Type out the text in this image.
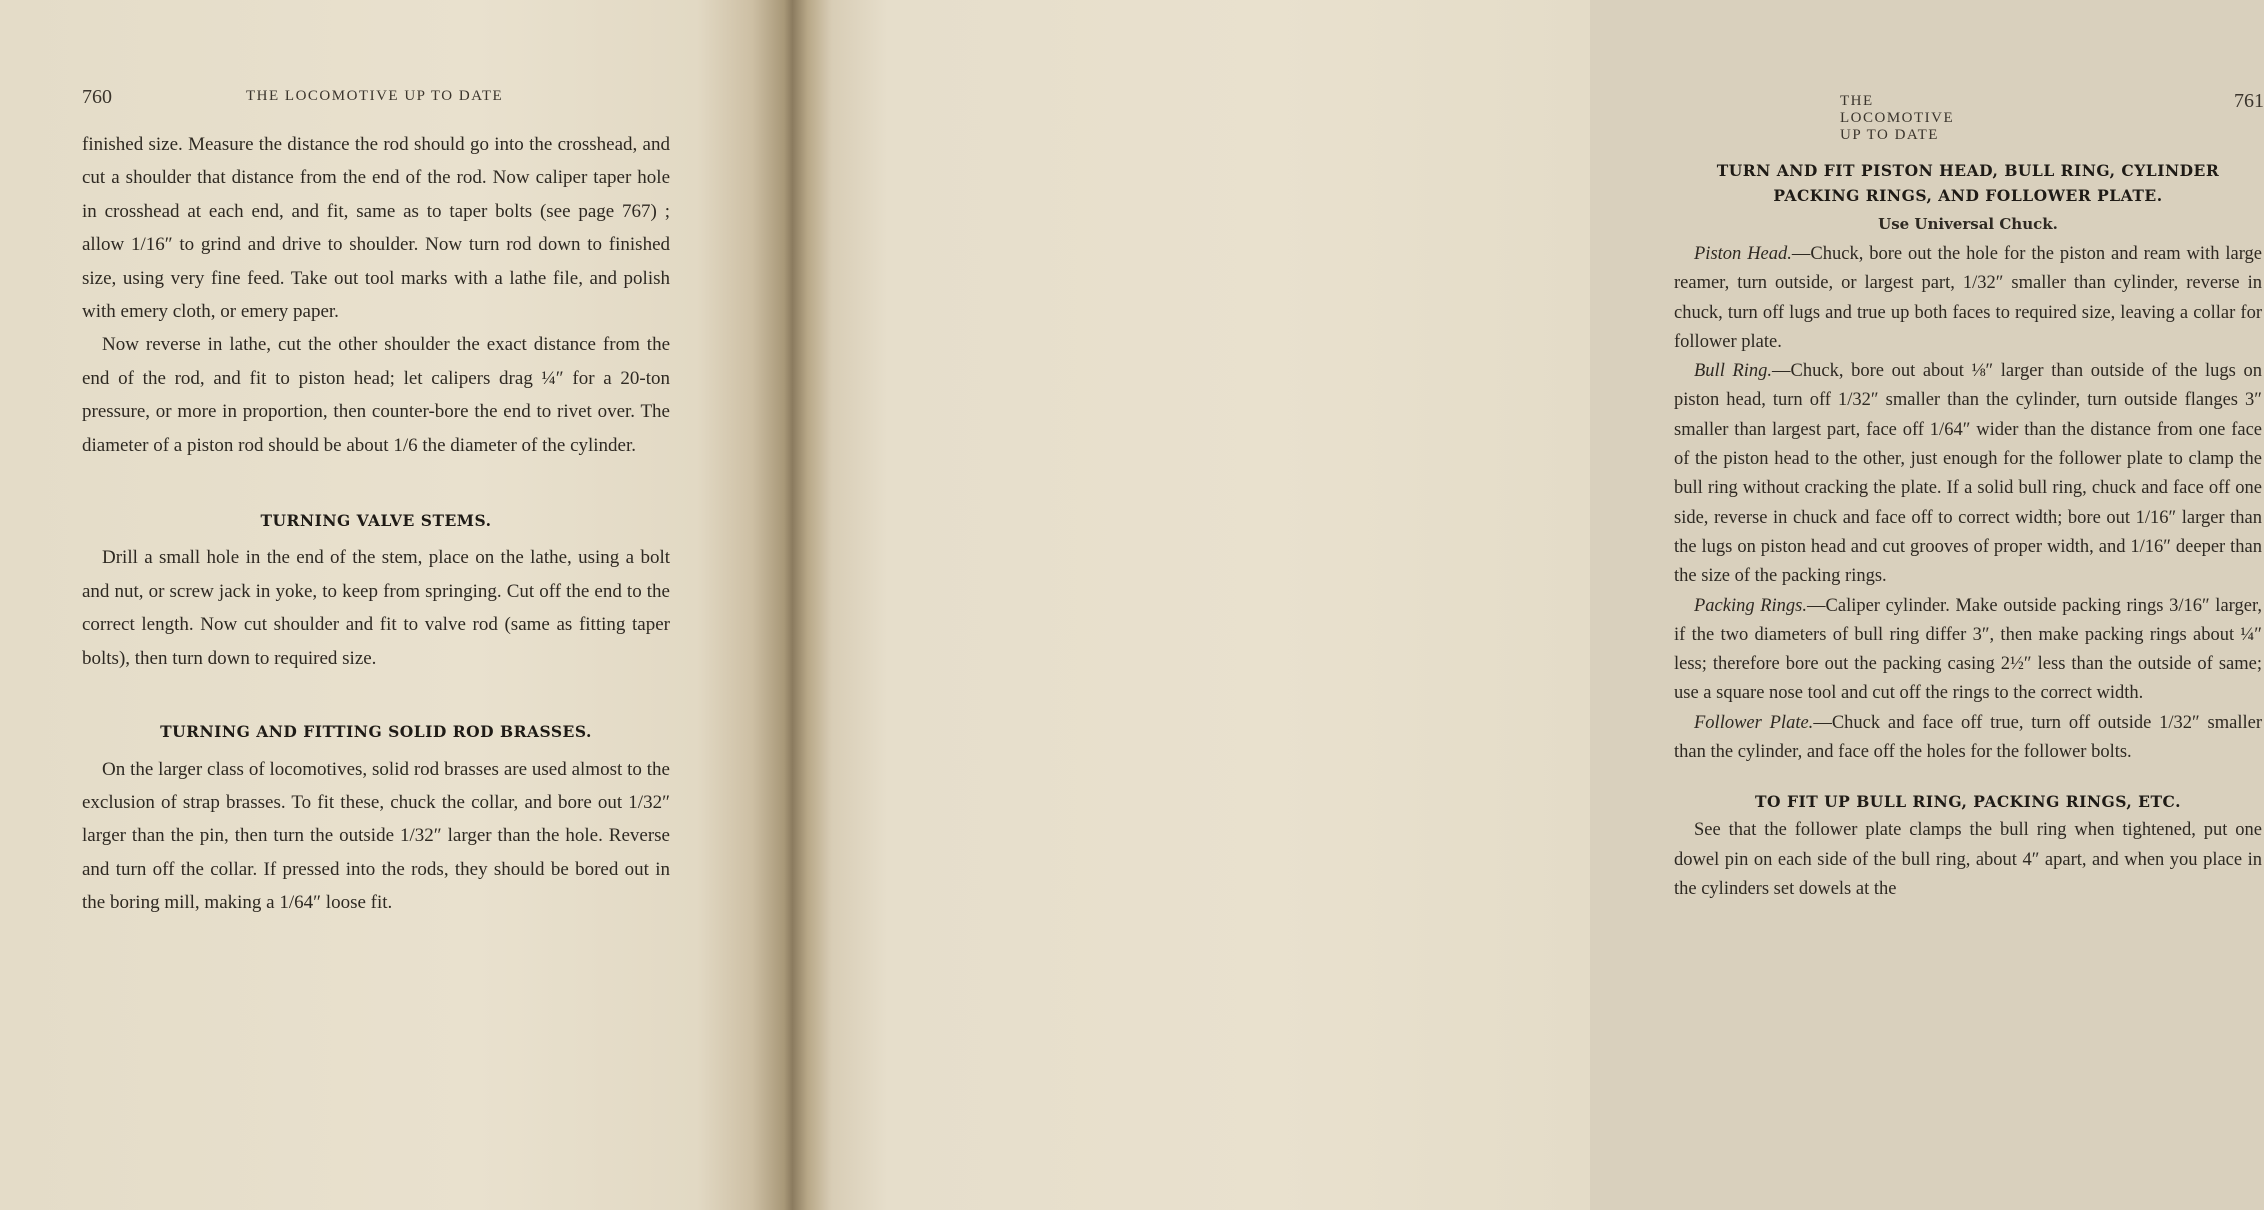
760	THE LOCOMOTIVE UP TO DATE

finished size. Measure the distance the rod should go into the crosshead, and cut a shoulder that distance from the end of the rod. Now caliper taper hole in crosshead at each end, and fit, same as to taper bolts (see page 767) ; allow 1/16″ to grind and drive to shoulder. Now turn rod down to finished size, using very fine feed. Take out tool marks with a lathe file, and polish with emery cloth, or emery paper.

Now reverse in lathe, cut the other shoulder the exact distance from the end of the rod, and fit to piston head; let calipers drag ¼″ for a 20-ton pressure, or more in proportion, then counter-bore the end to rivet over. The diameter of a piston rod should be about 1/6 the diameter of the cylinder.

TURNING VALVE STEMS.

Drill a small hole in the end of the stem, place on the lathe, using a bolt and nut, or screw jack in yoke, to keep from springing. Cut off the end to the correct length. Now cut shoulder and fit to valve rod (same as fitting taper bolts), then turn down to required size.

TURNING AND FITTING SOLID ROD BRASSES.

On the larger class of locomotives, solid rod brasses are used almost to the exclusion of strap brasses. To fit these, chuck the collar, and bore out 1/32″ larger than the pin, then turn the outside 1/32″ larger than the hole. Reverse and turn off the collar. If pressed into the rods, they should be bored out in the boring mill, making a 1/64″ loose fit.

THE LOCOMOTIVE UP TO DATE
761
TURN AND FIT PISTON HEAD, BULL RING, CYLINDER PACKING RINGS, AND FOLLOWER PLATE.
Use Universal Chuck.

Piston Head.—Chuck, bore out the hole for the piston and ream with large reamer, turn outside, or largest part, 1/32″ smaller than cylinder, reverse in chuck, turn off lugs and true up both faces to required size, leaving a collar for follower plate.

Bull Ring.—Chuck, bore out about ⅛″ larger than outside of the lugs on piston head, turn off 1/32″ smaller than the cylinder, turn outside flanges 3″ smaller than largest part, face off 1/64″ wider than the distance from one face of the piston head to the other, just enough for the follower plate to clamp the bull ring without cracking the plate. If a solid bull ring, chuck and face off one side, reverse in chuck and face off to correct width; bore out 1/16″ larger than the lugs on piston head and cut grooves of proper width, and 1/16″ deeper than the size of the packing rings.

Packing Rings.—Caliper cylinder. Make outside packing rings 3/16″ larger, if the two diameters of bull ring differ 3″, then make packing rings about ¼″ less; therefore bore out the packing casing 2½″ less than the outside of same; use a square nose tool and cut off the rings to the correct width.

Follower Plate.—Chuck and face off true, turn off outside 1/32″ smaller than the cylinder, and face off the holes for the follower bolts.

TO FIT UP BULL RING, PACKING RINGS, ETC.

See that the follower plate clamps the bull ring when tightened, put one dowel pin on each side of the bull ring, about 4″ apart, and when you place in the cylinders set dowels at the
